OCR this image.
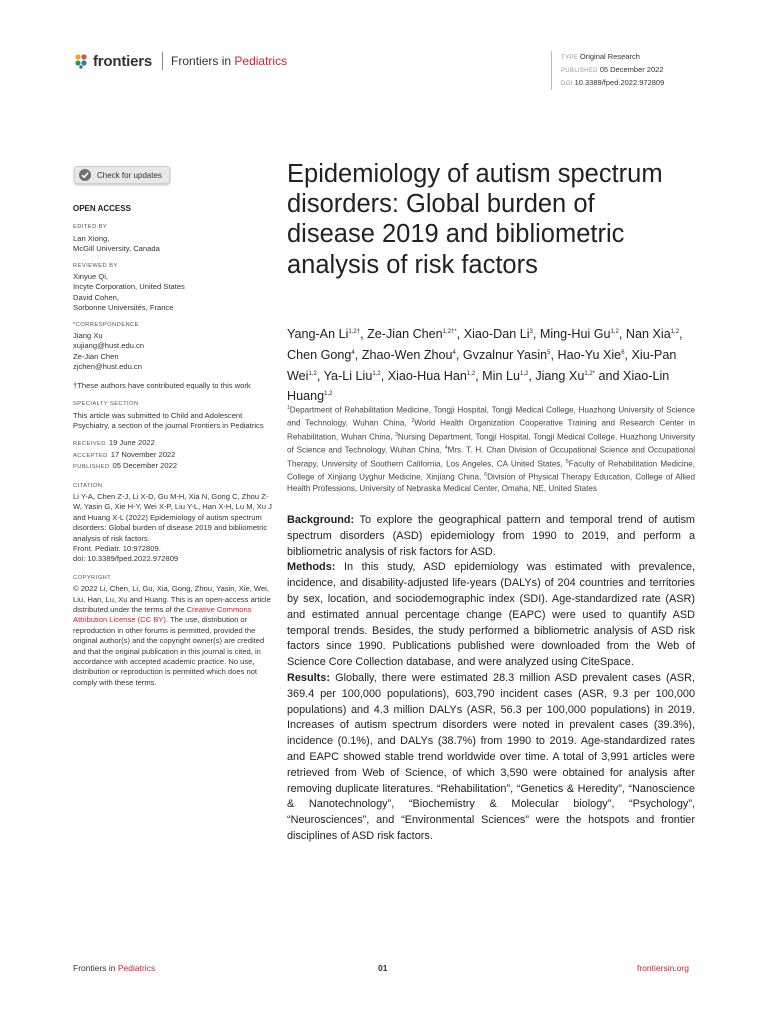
frontiers Frontiers in Pediatrics	TYPE Original Research
PUBLISHED 05 December 2022
DOI 10.3389/fped.2022.972809
Check for updates
OPEN ACCESS
EDITED BY
Lan Xiong,
McGill University, Canada
REVIEWED BY
Xinyue Qi,
Incyte Corporation, United States
David Cohen,
Sorbonne Universités, France
*CORRESPONDENCE
Jiang Xu
xujiang@hust.edu.cn
Ze-Jian Chen
zjchen@hust.edu.cn

†These authors have contributed equally to this work

SPECIALTY SECTION

This article was submitted to Child and Adolescent Psychiatry, a section of the journal Frontiers in Pediatrics

RECEIVED 19 June 2022
ACCEPTED 17 November 2022
PUBLISHED 05 December 2022
CITATION

Li Y-A, Chen Z-J, Li X-D, Gu M-H, Xia N, Gong C, Zhou Z-W, Yasin G, Xie H-Y, Wei X-P, Liu Y-L, Han X-H, Lu M, Xu J and Huang X-L (2022) Epidemiology of autism spectrum disorders: Global burden of disease 2019 and bibliometric analysis of risk factors.

Front. Pediatr. 10:972809.

doi: 10.3389/fped.2022.972809

COPYRIGHT

© 2022 Li, Chen, Li, Gu, Xia, Gong, Zhou, Yasin, Xie, Wei, Liu, Han, Lu, Xu and Huang. This is an open-access article distributed under the terms of the Creative Commons Attribution License (CC BY). The use, distribution or reproduction in other forums is permitted, provided the original author(s) and the copyright owner(s) are credited and that the original publication in this journal is cited, in accordance with accepted academic practice. No use, distribution or reproduction is permitted which does not comply with these terms.

Epidemiology of autism spectrum disorders: Global burden of disease 2019 and bibliometric analysis of risk factors
Yang-An $Li^{1,2\dagger}$, Ze-Jian Chen$^{1,2\dagger*}$, Xiao-Dan Li$^3$, Ming-Hui Gu$^{1,2}$, Nan Xia$^{1,2}$, Chen Gong$^4$, Zhao-Wen Zhou$^4$, Gvzalnur Yasin$^5$, Hao-Yu Xie$^6$, Xiu-Pan Wei$^{1,2}$, Ya-Li Liu$^{1,2}$, Xiao-Hua Han$^{1,2}$, Min Lu$^{1,2}$, Jiang $Xu^{1,2*}$ and Xiao-Lin Huang$^{1,2}$
$^1$Department of Rehabilitation Medicine, Tongji Hospital, Tongji Medical College, Huazhong University of Science and Technology, Wuhan China, $^2$World Health Organization Cooperative Training and Research Center in Rehabilitation, Wuhan China, $^3$Nursing Department, Tongji Hospital, Tongji Medical College, Huazhong University of Science and Technology, Wuhan China, $^4$Mrs. T. H. Chan Division of Occupational Science and Occupational Therapy, University of Southern California, Los Angeles, CA United States, $^5$Faculty of Rehabilitation Medicine, College of Xinjiang Uyghur Medicine, Xinjiang China, $^6$Division of Physical Therapy Education, College of Allied Health Professions, University of Nebraska Medical Center, Omaha, NE, United States

Background: To explore the geographical pattern and temporal trend of autism spectrum disorders (ASD) epidemiology from 1990 to 2019, and perform a bibliometric analysis of risk factors for ASD.

Methods: In this study, ASD epidemiology was estimated with prevalence, incidence, and disability-adjusted life-years (DALYs) of 204 countries and territories by sex, location, and sociodemographic index (SDI). Age-standardized rate (ASR) and estimated annual percentage change (EAPC) were used to quantify ASD temporal trends. Besides, the study performed a bibliometric analysis of ASD risk factors since 1990. Publications published were downloaded from the Web of Science Core Collection database, and were analyzed using CiteSpace.

Results: Globally, there were estimated 28.3 million ASD prevalent cases (ASR, 369.4 per 100,000 populations), 603,790 incident cases (ASR, 9.3 per 100,000 populations) and 4.3 million DALYs (ASR, 56.3 per 100,000 populations) in 2019. Increases of autism spectrum disorders were noted in prevalent cases (39.3%), incidence (0.1%), and DALYs (38.7%) from 1990 to 2019. Age-standardized rates and EAPC showed stable trend worldwide over time. A total of 3,991 articles were retrieved from Web of Science, of which 3,590 were obtained for analysis after removing duplicate literatures. “Rehabilitation”, “Genetics & Heredity”, “Nanoscience & Nanotechnology”, “Biochemistry & Molecular biology”, “Psychology”, “Neurosciences”, and “Environmental Sciences” were the hotspots and frontier disciplines of ASD risk factors.

Frontiers in Pediatrics	01	frontiersin.org
